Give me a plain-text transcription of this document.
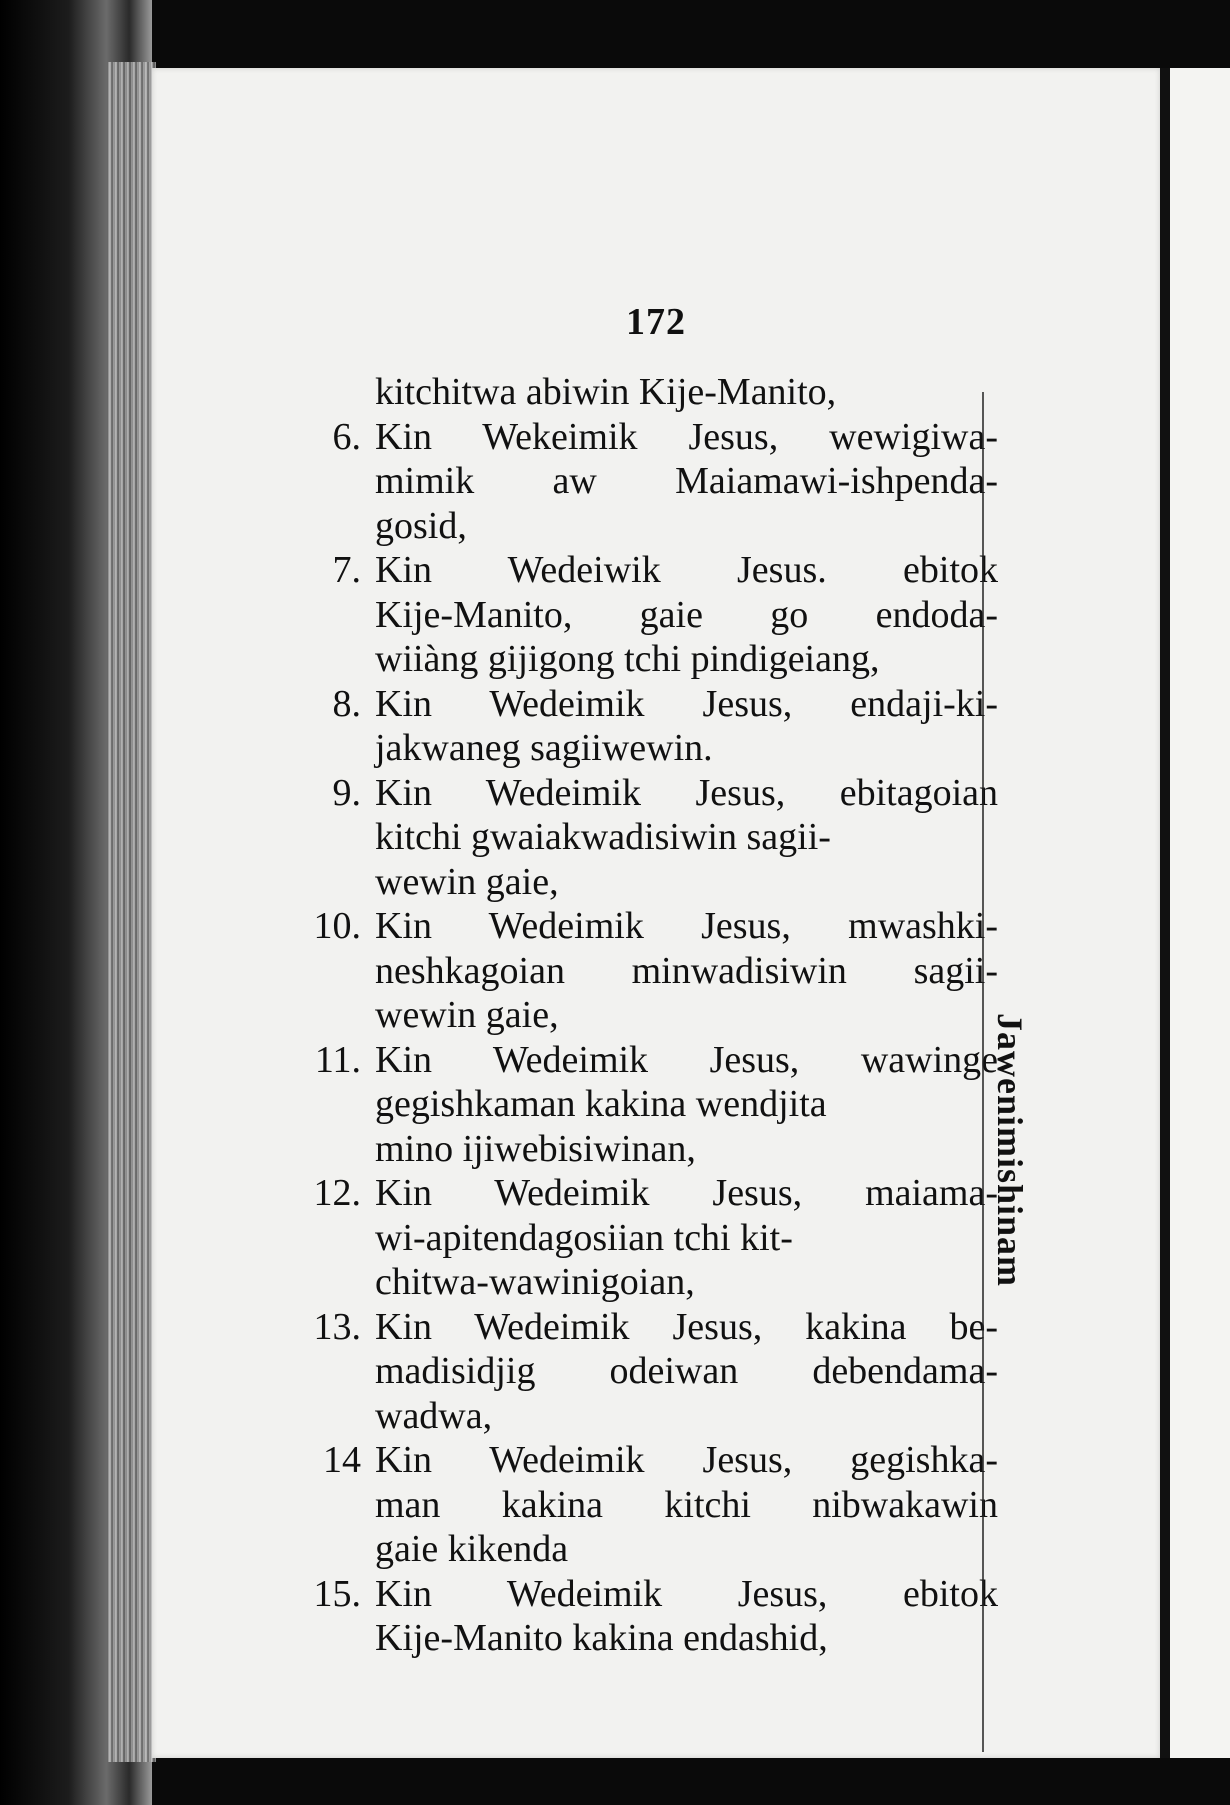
172
kitchitwa abiwin Kije-Manito,
6. Kin Wekeimik Jesus, wewigiwa-
mimik aw Maiamawi-ishpenda-
gosid,
7. Kin Wedeiwik Jesus. ebitok
Kije-Manito, gaie go endoda-
wiiàng gijigong tchi pindigeiang,
8. Kin Wedeimik Jesus, endaji-ki-
jakwaneg sagiiwewin.
9. Kin Wedeimik Jesus, ebitagoian
kitchi gwaiakwadisiwin sagii-
wewin gaie,
10. Kin Wedeimik Jesus, mwashki-
neshkagoian minwadisiwin sagii-
wewin gaie,
11. Kin Wedeimik Jesus, wawinge
gegishkaman kakina wendjita
mino ijiwebisiwinan,
12. Kin Wedeimik Jesus, maiama-
wi-apitendagosiian tchi kit-
chitwa-wawinigoian,
13. Kin Wedeimik Jesus, kakina be-
madisidjig odeiwan debendama-
wadwa,
14 Kin Wedeimik Jesus, gegishka-
man kakina kitchi nibwakawin
gaie kikenda
15. Kin Wedeimik Jesus, ebitok
Kije-Manito kakina endashid,
Jawenimishinam
